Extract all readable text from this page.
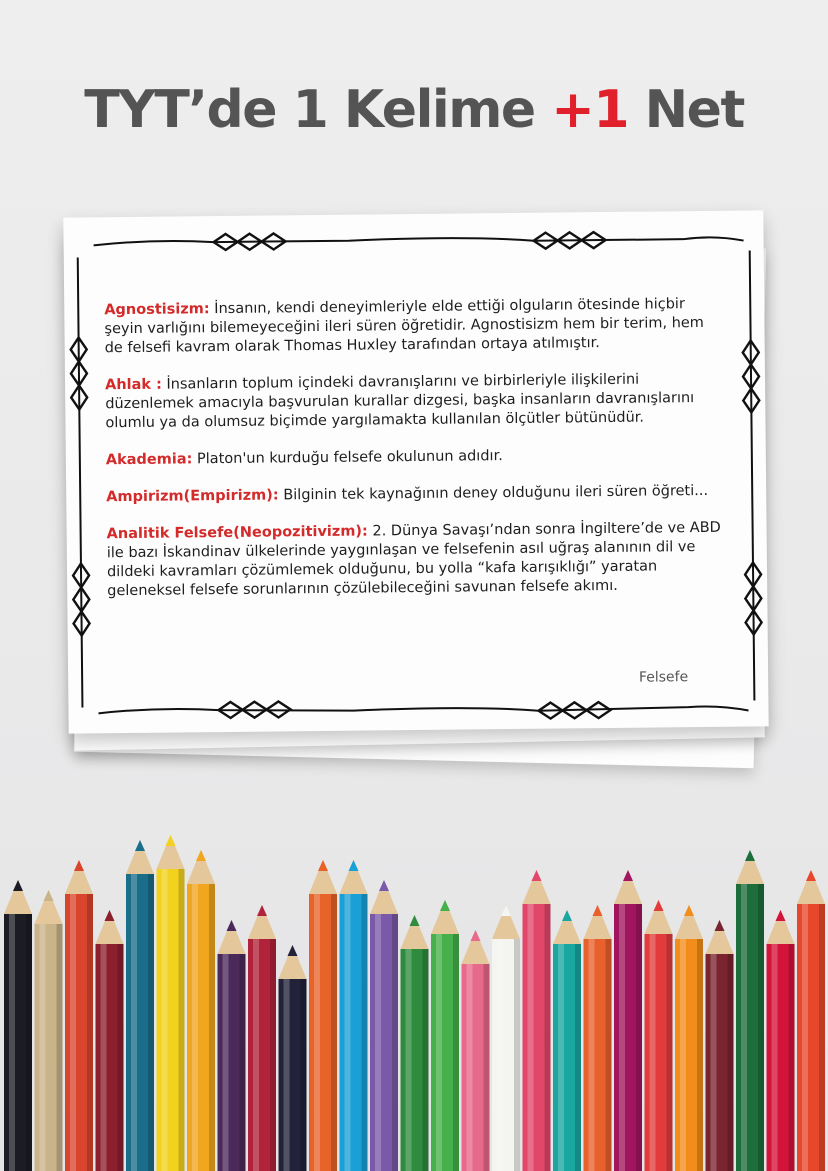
TYT’de 1 Kelime +1 Net

Agnostisizm: İnsanın, kendi deneyimleriyle elde ettiği olguların ötesinde hiçbir şeyin varlığını bilemeyeceğini ileri süren öğretidir. Agnostisizm hem bir terim, hem de felsefi kavram olarak Thomas Huxley tarafından ortaya atılmıştır.

Ahlak : İnsanların toplum içindeki davranışlarını ve birbirleriyle ilişkilerini düzenlemek amacıyla başvurulan kurallar dizgesi, başka insanların davranışlarını olumlu ya da olumsuz biçimde yargılamakta kullanılan ölçütler bütünüdür.

Akademia: Platon'un kurduğu felsefe okulunun adıdır.

Ampirizm(Empirizm): Bilginin tek kaynağının deney olduğunu ileri süren öğreti...

Analitik Felsefe(Neopozitivizm): 2. Dünya Savaşı’ndan sonra İngiltere’de ve ABD ile bazı İskandinav ülkelerinde yaygınlaşan ve felsefenin asıl uğraş alanının dil ve dildeki kavramları çözümlemek olduğunu, bu yolla “kafa karışıklığı” yaratan geleneksel felsefe sorunlarının çözülebileceğini savunan felsefe akımı.

Felsefe
